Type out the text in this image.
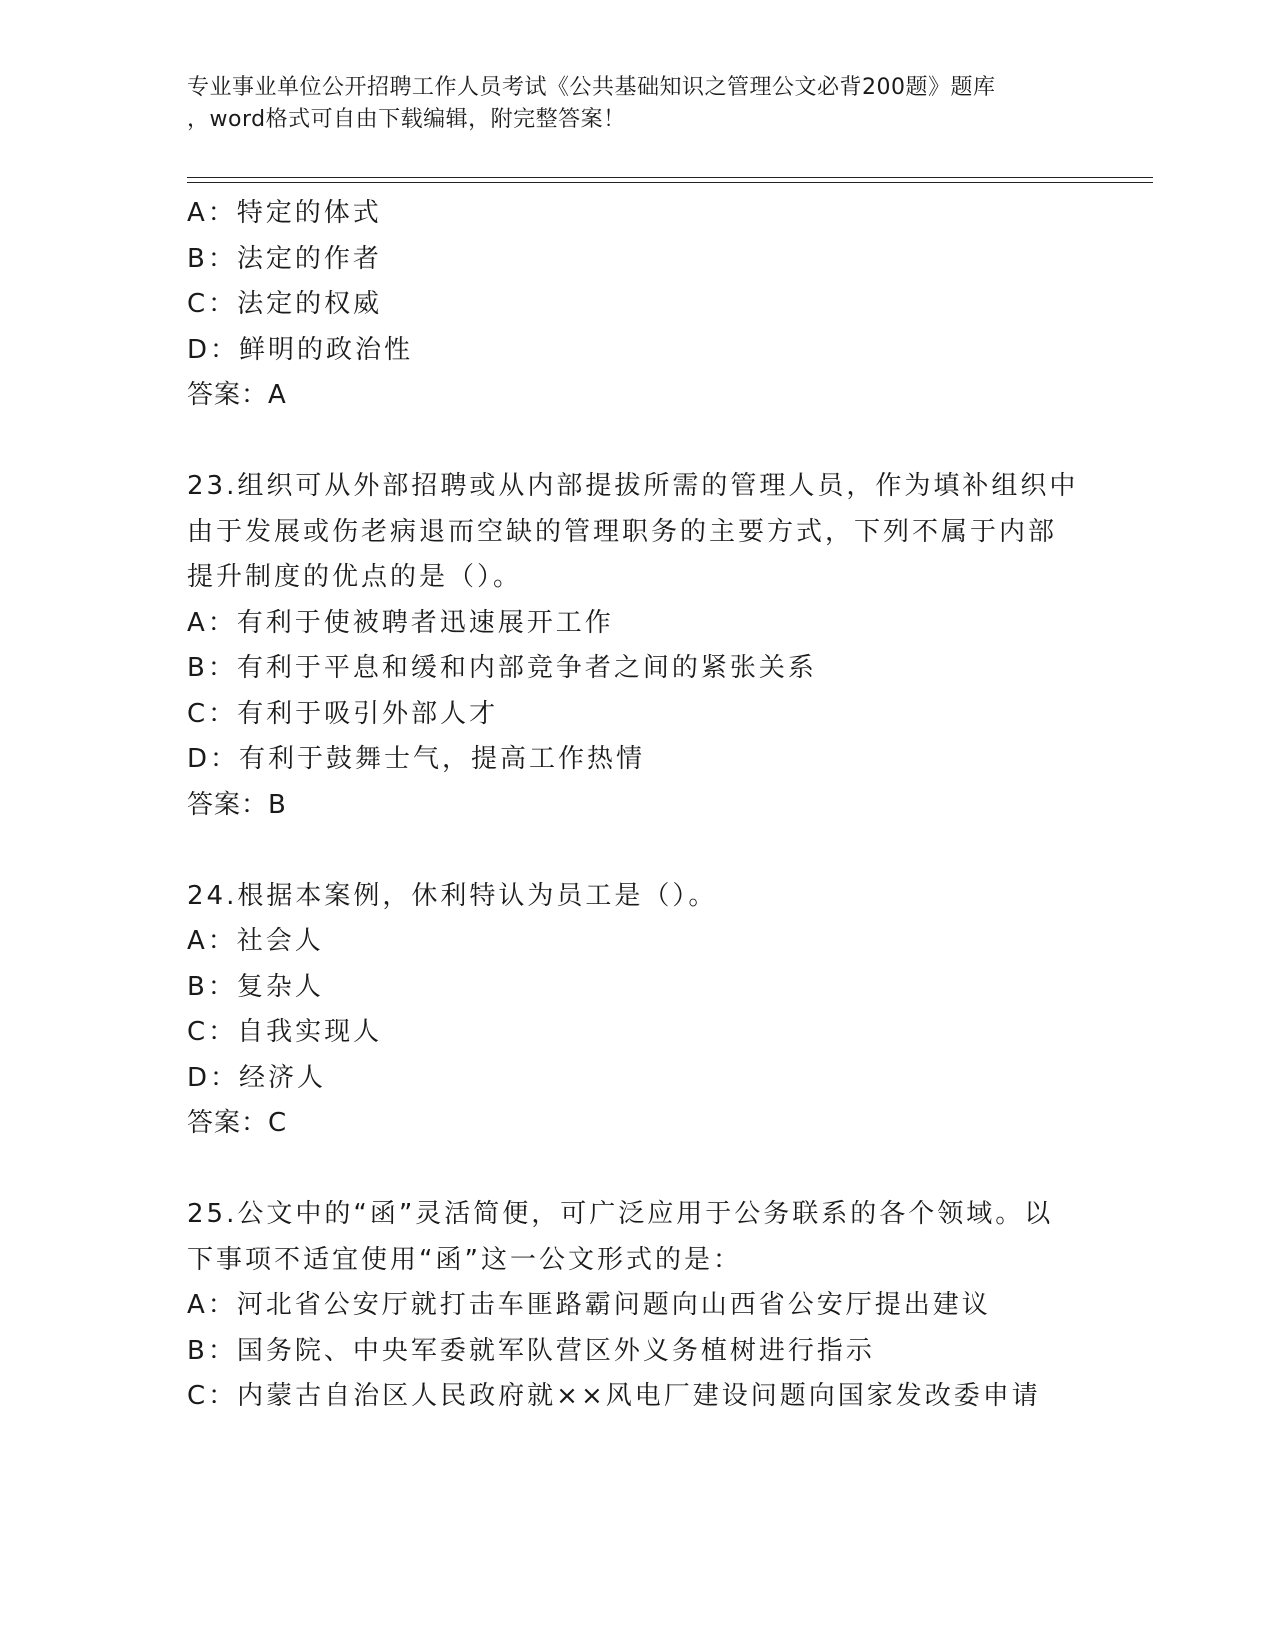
专业事业单位公开招聘工作人员考试《公共基础知识之管理公文必背200题》题库
，word格式可自由下载编辑，附完整答案！
A：特定的体式
B：法定的作者
C：法定的权威
D：鲜明的政治性
答案：A
23.组织可从外部招聘或从内部提拔所需的管理人员，作为填补组织中
由于发展或伤老病退而空缺的管理职务的主要方式，下列不属于内部
提升制度的优点的是（）。
A：有利于使被聘者迅速展开工作
B：有利于平息和缓和内部竞争者之间的紧张关系
C：有利于吸引外部人才
D：有利于鼓舞士气，提高工作热情
答案：B
24.根据本案例，休利特认为员工是（）。
A：社会人
B：复杂人
C：自我实现人
D：经济人
答案：C
25.公文中的“函”灵活简便，可广泛应用于公务联系的各个领域。以
下事项不适宜使用“函”这一公文形式的是：
A：河北省公安厅就打击车匪路霸问题向山西省公安厅提出建议
B：国务院、中央军委就军队营区外义务植树进行指示
C：内蒙古自治区人民政府就××风电厂建设问题向国家发改委申请
